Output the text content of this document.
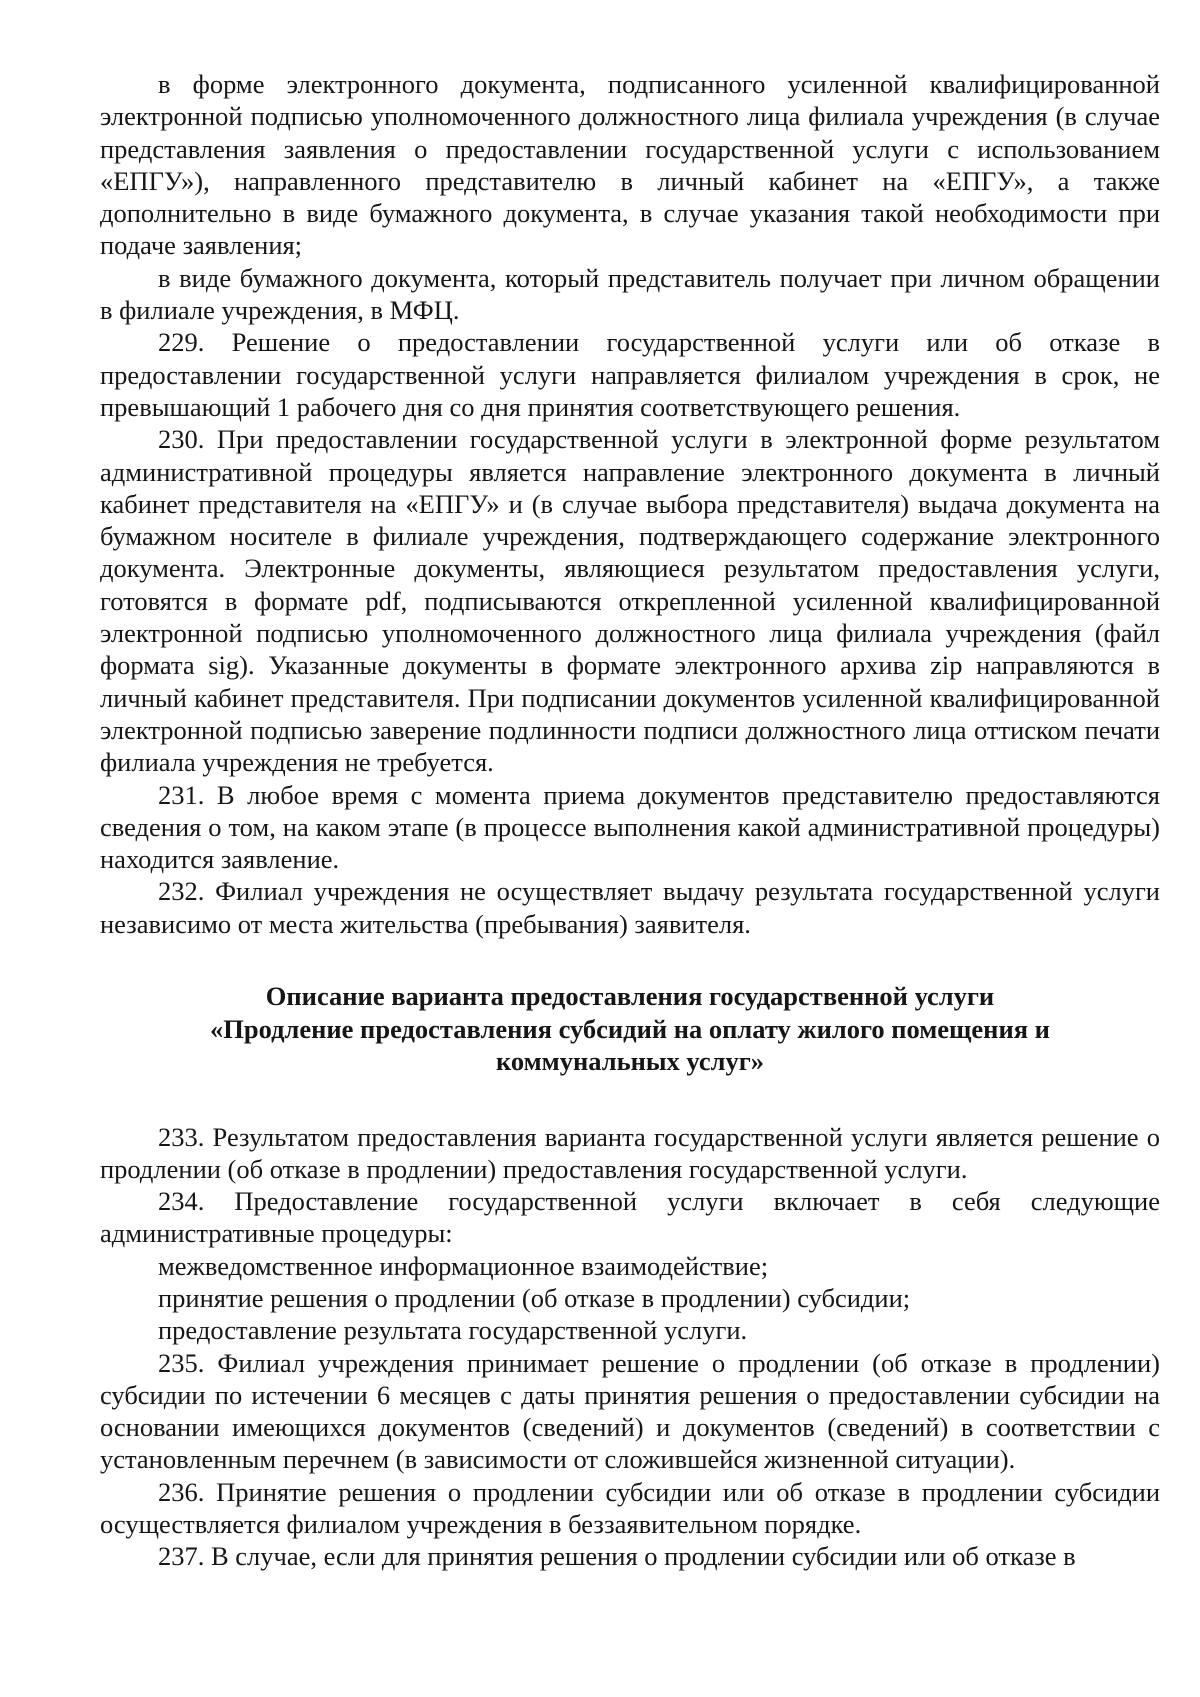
в форме электронного документа, подписанного усиленной квалифицированной электронной подписью уполномоченного должностного лица филиала учреждения (в случае представления заявления о предоставлении государственной услуги с использованием «ЕПГУ»), направленного представителю в личный кабинет на «ЕПГУ», а также дополнительно в виде бумажного документа, в случае указания такой необходимости при подаче заявления;

в виде бумажного документа, который представитель получает при личном обращении в филиале учреждения, в МФЦ.

229. Решение о предоставлении государственной услуги или об отказе в предоставлении государственной услуги направляется филиалом учреждения в срок, не превышающий 1 рабочего дня со дня принятия соответствующего решения.

230. При предоставлении государственной услуги в электронной форме результатом административной процедуры является направление электронного документа в личный кабинет представителя на «ЕПГУ» и (в случае выбора представителя) выдача документа на бумажном носителе в филиале учреждения, подтверждающего содержание электронного документа. Электронные документы, являющиеся результатом предоставления услуги, готовятся в формате pdf, подписываются открепленной усиленной квалифицированной электронной подписью уполномоченного должностного лица филиала учреждения (файл формата sig). Указанные документы в формате электронного архива zip направляются в личный кабинет представителя. При подписании документов усиленной квалифицированной электронной подписью заверение подлинности подписи должностного лица оттиском печати филиала учреждения не требуется.

231. В любое время с момента приема документов представителю предоставляются сведения о том, на каком этапе (в процессе выполнения какой административной процедуры) находится заявление.

232. Филиал учреждения не осуществляет выдачу результата государственной услуги независимо от места жительства (пребывания) заявителя.

Описание варианта предоставления государственной услуги
«Продление предоставления субсидий на оплату жилого помещения и
коммунальных услуг»

233. Результатом предоставления варианта государственной услуги является решение о продлении (об отказе в продлении) предоставления государственной услуги.

234. Предоставление государственной услуги включает в себя следующие административные процедуры:

межведомственное информационное взаимодействие;

принятие решения о продлении (об отказе в продлении) субсидии;

предоставление результата государственной услуги.

235. Филиал учреждения принимает решение о продлении (об отказе в продлении) субсидии по истечении 6 месяцев с даты принятия решения о предоставлении субсидии на основании имеющихся документов (сведений) и документов (сведений) в соответствии с установленным перечнем (в зависимости от сложившейся жизненной ситуации).

236. Принятие решения о продлении субсидии или об отказе в продлении субсидии осуществляется филиалом учреждения в беззаявительном порядке.

237. В случае, если для принятия решения о продлении субсидии или об отказе в
